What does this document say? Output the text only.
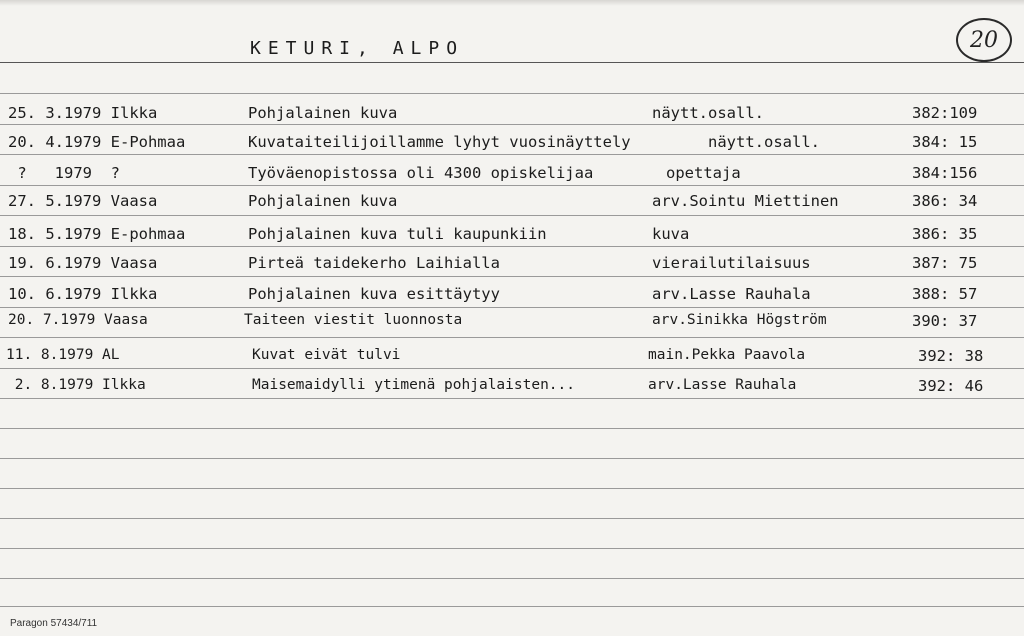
KETURI, ALPO	20
25. 3.1979 Ilkka	Pohjalainen kuva	näytt.osall.	382:109
20. 4.1979 E-Pohmaa	Kuvataiteilijoillamme lyhyt vuosinäyttely	näytt.osall.	384: 15
?   1979  ?	Työväenopistossa oli 4300 opiskelijaa	opettaja	384:156
27. 5.1979 Vaasa	Pohjalainen kuva	arv.Sointu Miettinen	386: 34
18. 5.1979 E-pohmaa	Pohjalainen kuva tuli kaupunkiin	kuva	386: 35
19. 6.1979 Vaasa	Pirteä taidekerho Laihialla	vierailutilaisuus	387: 75
10. 6.1979 Ilkka	Pohjalainen kuva esittäytyy	arv.Lasse Rauhala	388: 57
20. 7.1979 Vaasa	Taiteen viestit luonnosta	arv.Sinikka Högström	390: 37
11. 8.1979 AL	Kuvat eivät tulvi	main.Pekka Paavola	392: 38
2. 8.1979 Ilkka	Maisemaidylli ytimenä pohjalaisten...	arv.Lasse Rauhala	392: 46
Paragon 57434/711
